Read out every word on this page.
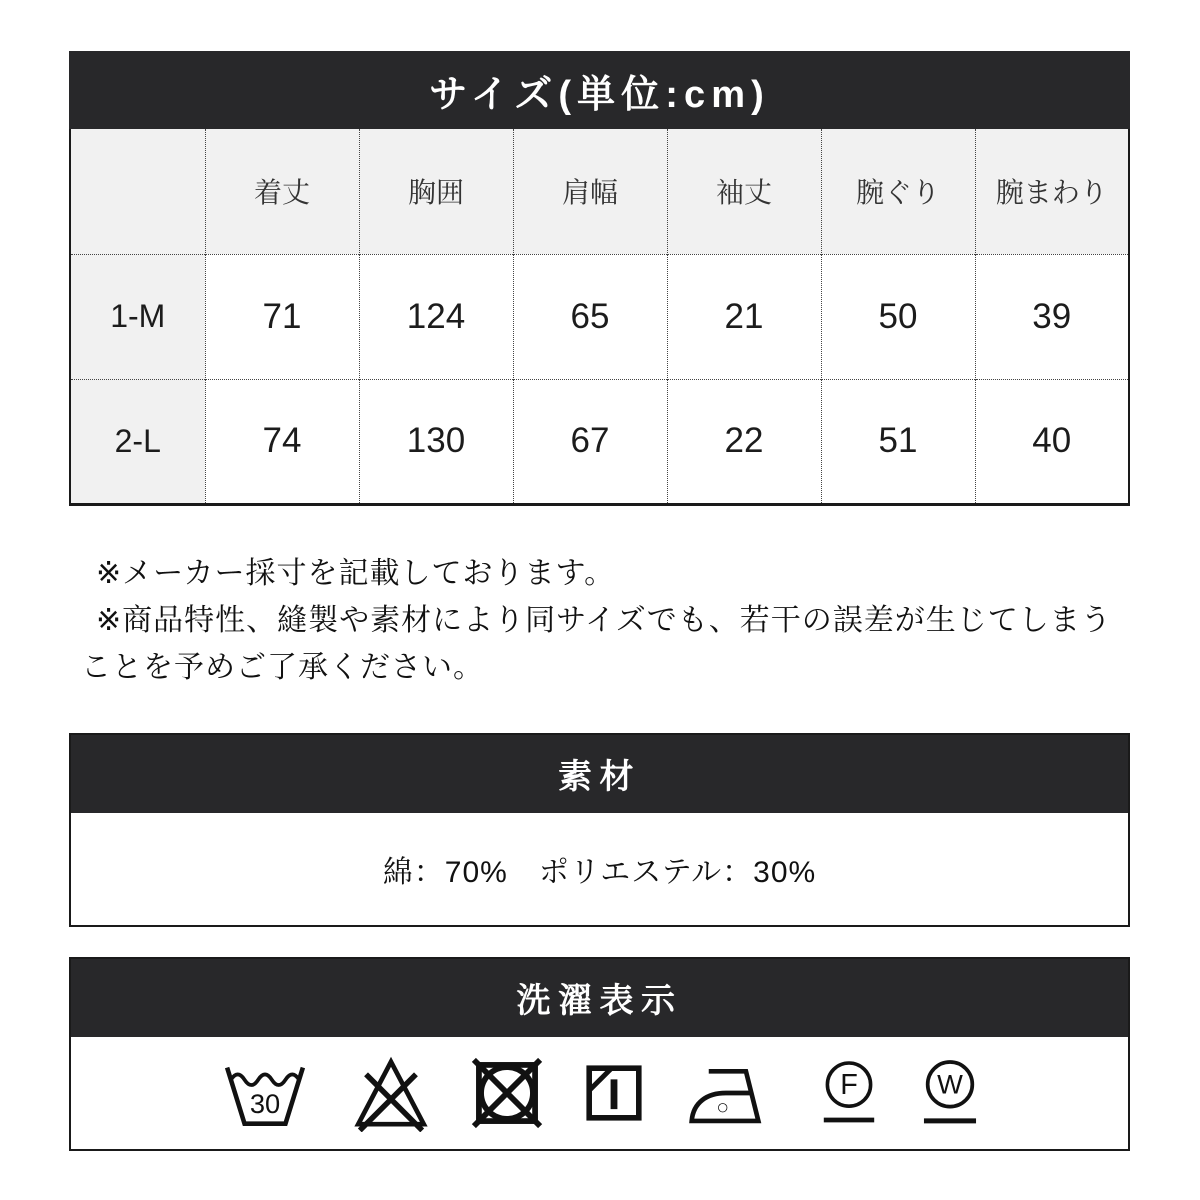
サイズ(単位:cm)
	着丈	胸囲	肩幅	袖丈	腕ぐり	腕まわり
1-M	71	124	65	21	50	39
2-L	74	130	67	22	51	40
※メーカー採寸を記載しております。
※商品特性、縫製や素材により同サイズでも、若干の誤差が生じてしまう
ことを予めご了承ください。
素材
綿：70%　ポリエステル：30%
洗濯表示
30
F W
